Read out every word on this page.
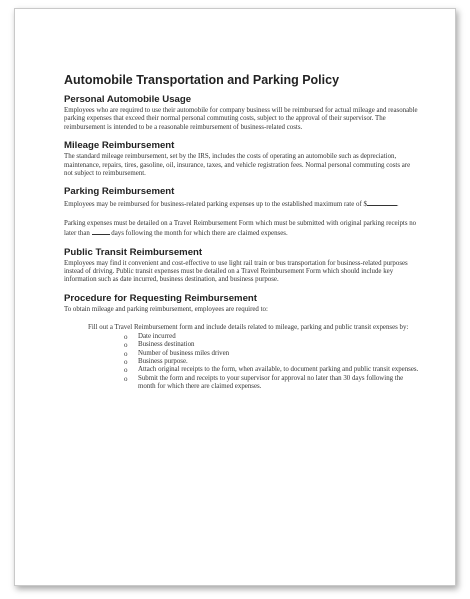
Automobile Transportation and Parking Policy
Personal Automobile Usage

Employees who are required to use their automobile for company business will be reimbursed for actual mileage and reasonable parking expenses that exceed their normal personal commuting costs, subject to the approval of their supervisor. The reimbursement is intended to be a reasonable reimbursement of business-related costs.

Mileage Reimbursement

The standard mileage reimbursement, set by the IRS, includes the costs of operating an automobile such as depreciation, maintenance, repairs, tires, gasoline, oil, insurance, taxes, and vehicle registration fees. Normal personal commuting costs are not subject to reimbursement.

Parking Reimbursement

Employees may be reimbursed for business-related parking expenses up to the established maximum rate of $	.

Parking expenses must be detailed on a Travel Reimbursement Form which must be submitted with original parking receipts no later than	days following the month for which there are claimed expenses.

Public Transit Reimbursement

Employees may find it convenient and cost-effective to use light rail train or bus transportation for business-related purposes instead of driving. Public transit expenses must be detailed on a Travel Reimbursement Form which should include key information such as date incurred, business destination, and business purpose.

Procedure for Requesting Reimbursement

To obtain mileage and parking reimbursement, employees are required to:

Fill out a Travel Reimbursement form and include details related to mileage, parking and public transit expenses by:

o Date incurred
o Business destination
o Number of business miles driven
o Business purpose.
o Attach original receipts to the form, when available, to document parking and public transit expenses.
o Submit the form and receipts to your supervisor for approval no later than 30 days following the month for which there are claimed expenses.
